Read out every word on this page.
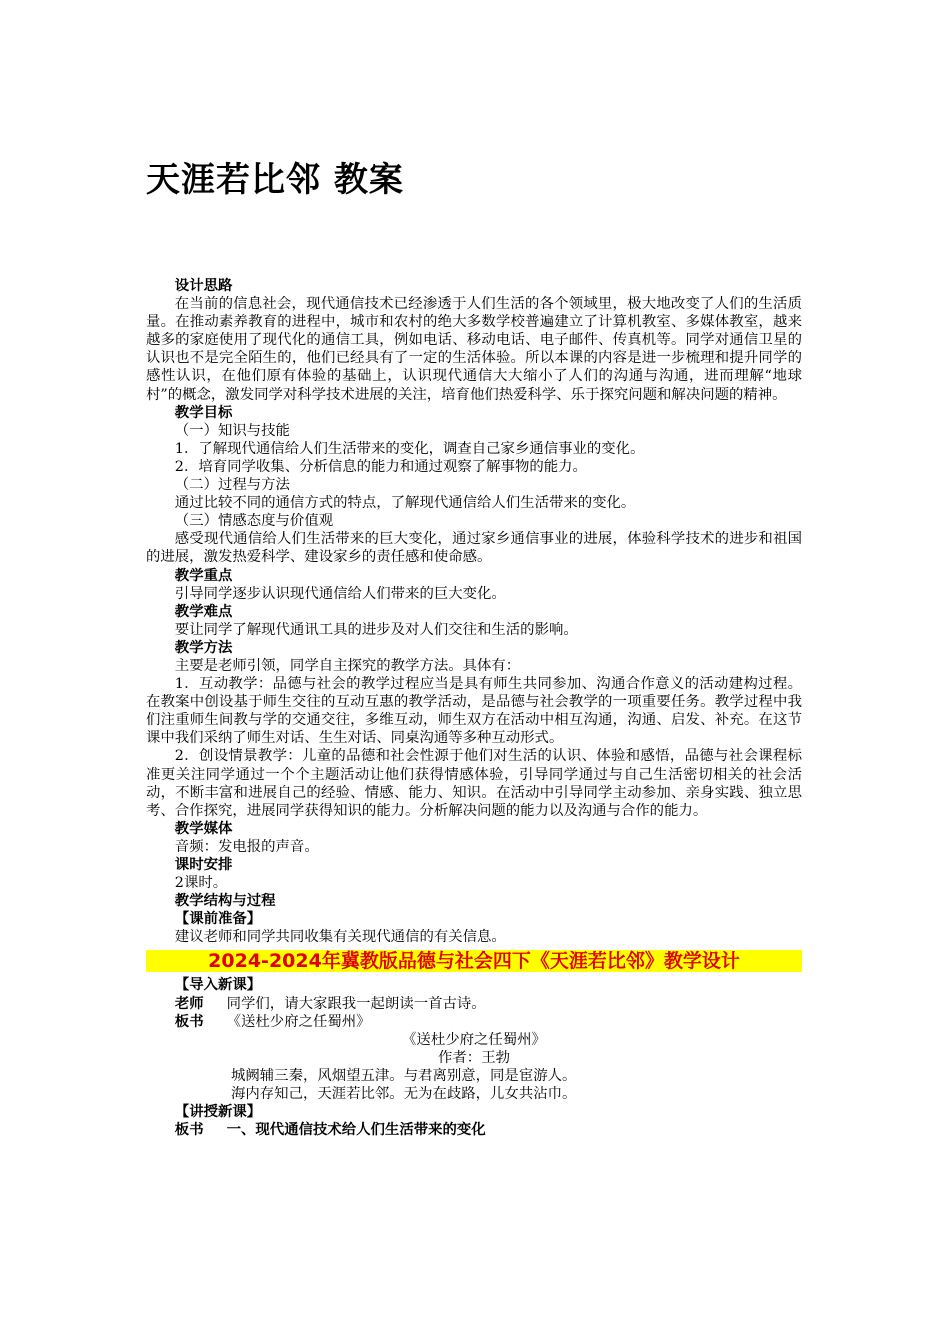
天涯若比邻 教案

设计思路

在当前的信息社会，现代通信技术已经渗透于人们生活的各个领域里，极大地改变了人们的生活质量。在推动素养教育的进程中，城市和农村的绝大多数学校普遍建立了计算机教室、多媒体教室，越来越多的家庭使用了现代化的通信工具，例如电话、移动电话、电子邮件、传真机等。同学对通信卫星的认识也不是完全陌生的，他们已经具有了一定的生活体验。所以本课的内容是进一步梳理和提升同学的感性认识，在他们原有体验的基础上，认识现代通信大大缩小了人们的沟通与沟通，进而理解“地球村”的概念，激发同学对科学技术进展的关注，培育他们热爱科学、乐于探究问题和解决问题的精神。

教学目标

（一）知识与技能

1．了解现代通信给人们生活带来的变化，调查自己家乡通信事业的变化。

2．培育同学收集、分析信息的能力和通过观察了解事物的能力。

（二）过程与方法

通过比较不同的通信方式的特点，了解现代通信给人们生活带来的变化。

（三）情感态度与价值观

感受现代通信给人们生活带来的巨大变化，通过家乡通信事业的进展，体验科学技术的进步和祖国的进展，激发热爱科学、建设家乡的责任感和使命感。

教学重点

引导同学逐步认识现代通信给人们带来的巨大变化。

教学难点

要让同学了解现代通讯工具的进步及对人们交往和生活的影响。

教学方法

主要是老师引领，同学自主探究的教学方法。具体有：

1．互动教学：品德与社会的教学过程应当是具有师生共同参加、沟通合作意义的活动建构过程。在教案中创设基于师生交往的互动互惠的教学活动，是品德与社会教学的一项重要任务。教学过程中我们注重师生间教与学的交通交往，多维互动，师生双方在活动中相互沟通，沟通、启发、补充。在这节课中我们采纳了师生对话、生生对话、同桌沟通等多种互动形式。

2．创设情景教学：儿童的品德和社会性源于他们对生活的认识、体验和感悟，品德与社会课程标准更关注同学通过一个个主题活动让他们获得情感体验，引导同学通过与自己生活密切相关的社会活动，不断丰富和进展自己的经验、情感、能力、知识。在活动中引导同学主动参加、亲身实践、独立思考、合作探究，进展同学获得知识的能力。分析解决问题的能力以及沟通与合作的能力。

教学媒体

音频：发电报的声音。

课时安排

2课时。

教学结构与过程

【课前准备】

建议老师和同学共同收集有关现代通信的有关信息。

2024-2024年冀教版品德与社会四下《天涯若比邻》教学设计

【导入新课】

老师 同学们，请大家跟我一起朗读一首古诗。

板书 《送杜少府之任蜀州》

《送杜少府之任蜀州》

作者：王勃

城阙辅三秦，风烟望五津。与君离别意，同是宦游人。

海内存知己，天涯若比邻。无为在歧路，儿女共沾巾。

【讲授新课】

板书 一、现代通信技术给人们生活带来的变化
